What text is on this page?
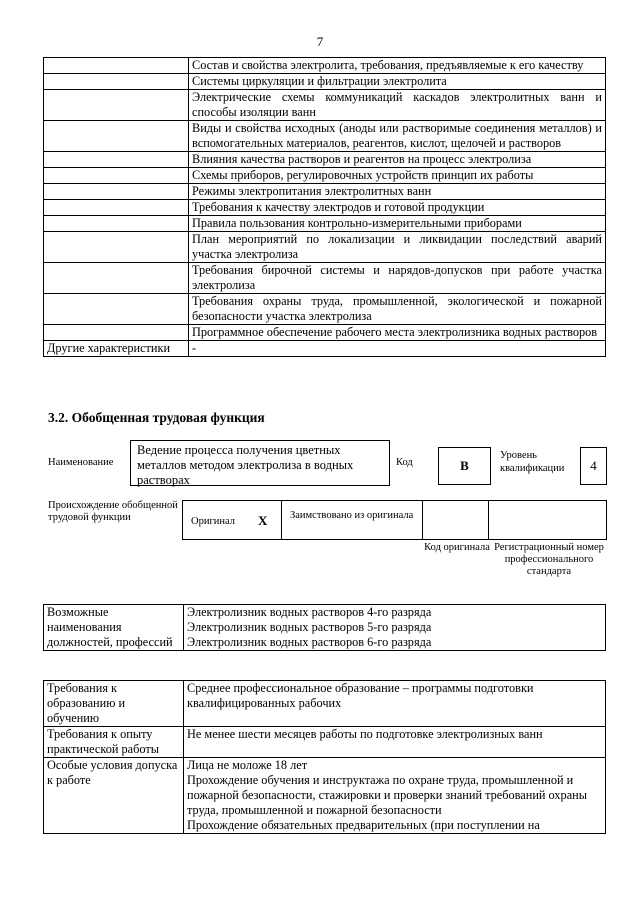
7
	Состав и свойства электролита, требования, предъявляемые к его качеству
	Системы циркуляции и фильтрации электролита
	Электрические схемы коммуникаций каскадов электролитных ванн и способы изоляции ванн
	Виды и свойства исходных (аноды или растворимые соединения металлов) и вспомогательных материалов, реагентов, кислот, щелочей и растворов
	Влияния качества растворов и реагентов на процесс электролиза
	Схемы приборов, регулировочных устройств принцип их работы
	Режимы электропитания электролитных ванн
	Требования к качеству электродов и готовой продукции
	Правила пользования контрольно-измерительными приборами
	План мероприятий по локализации и ликвидации последствий аварий участка электролиза
	Требования бирочной системы и нарядов-допусков при работе участка электролиза
	Требования охраны труда, промышленной, экологической и пожарной безопасности участка электролиза
	Программное обеспечение рабочего места электролизника водных растворов
Другие характеристики	-
3.2. Обобщенная трудовая функция
Наименование
Ведение процесса получения цветных металлов методом электролиза в водных растворах
Код	B
Уровень
квалификации	4
Происхождение обобщенной трудовой функции	Оригинал X Заимствовано из оригинала
Код оригинала Регистрационный номер профессионального стандарта
Возможные наименования должностей, профессий	
Электролизник водных растворов 4-го разряда
Электролизник водных растворов 5-го разряда
Электролизник водных растворов 6-го разряда
Требования к образованию и обучению	Среднее профессиональное образование – программы подготовки квалифицированных рабочих

Требования к опыту практической работы	Не менее шести месяцев работы по подготовке электролизных ванн

Особые условия допуска к работе	Лица не моложе 18 лет
Прохождение обучения и инструктажа по охране труда, промышленной и пожарной безопасности, стажировки и проверки знаний требований охраны труда, промышленной и пожарной безопасности
Прохождение обязательных предварительных (при поступлении на
